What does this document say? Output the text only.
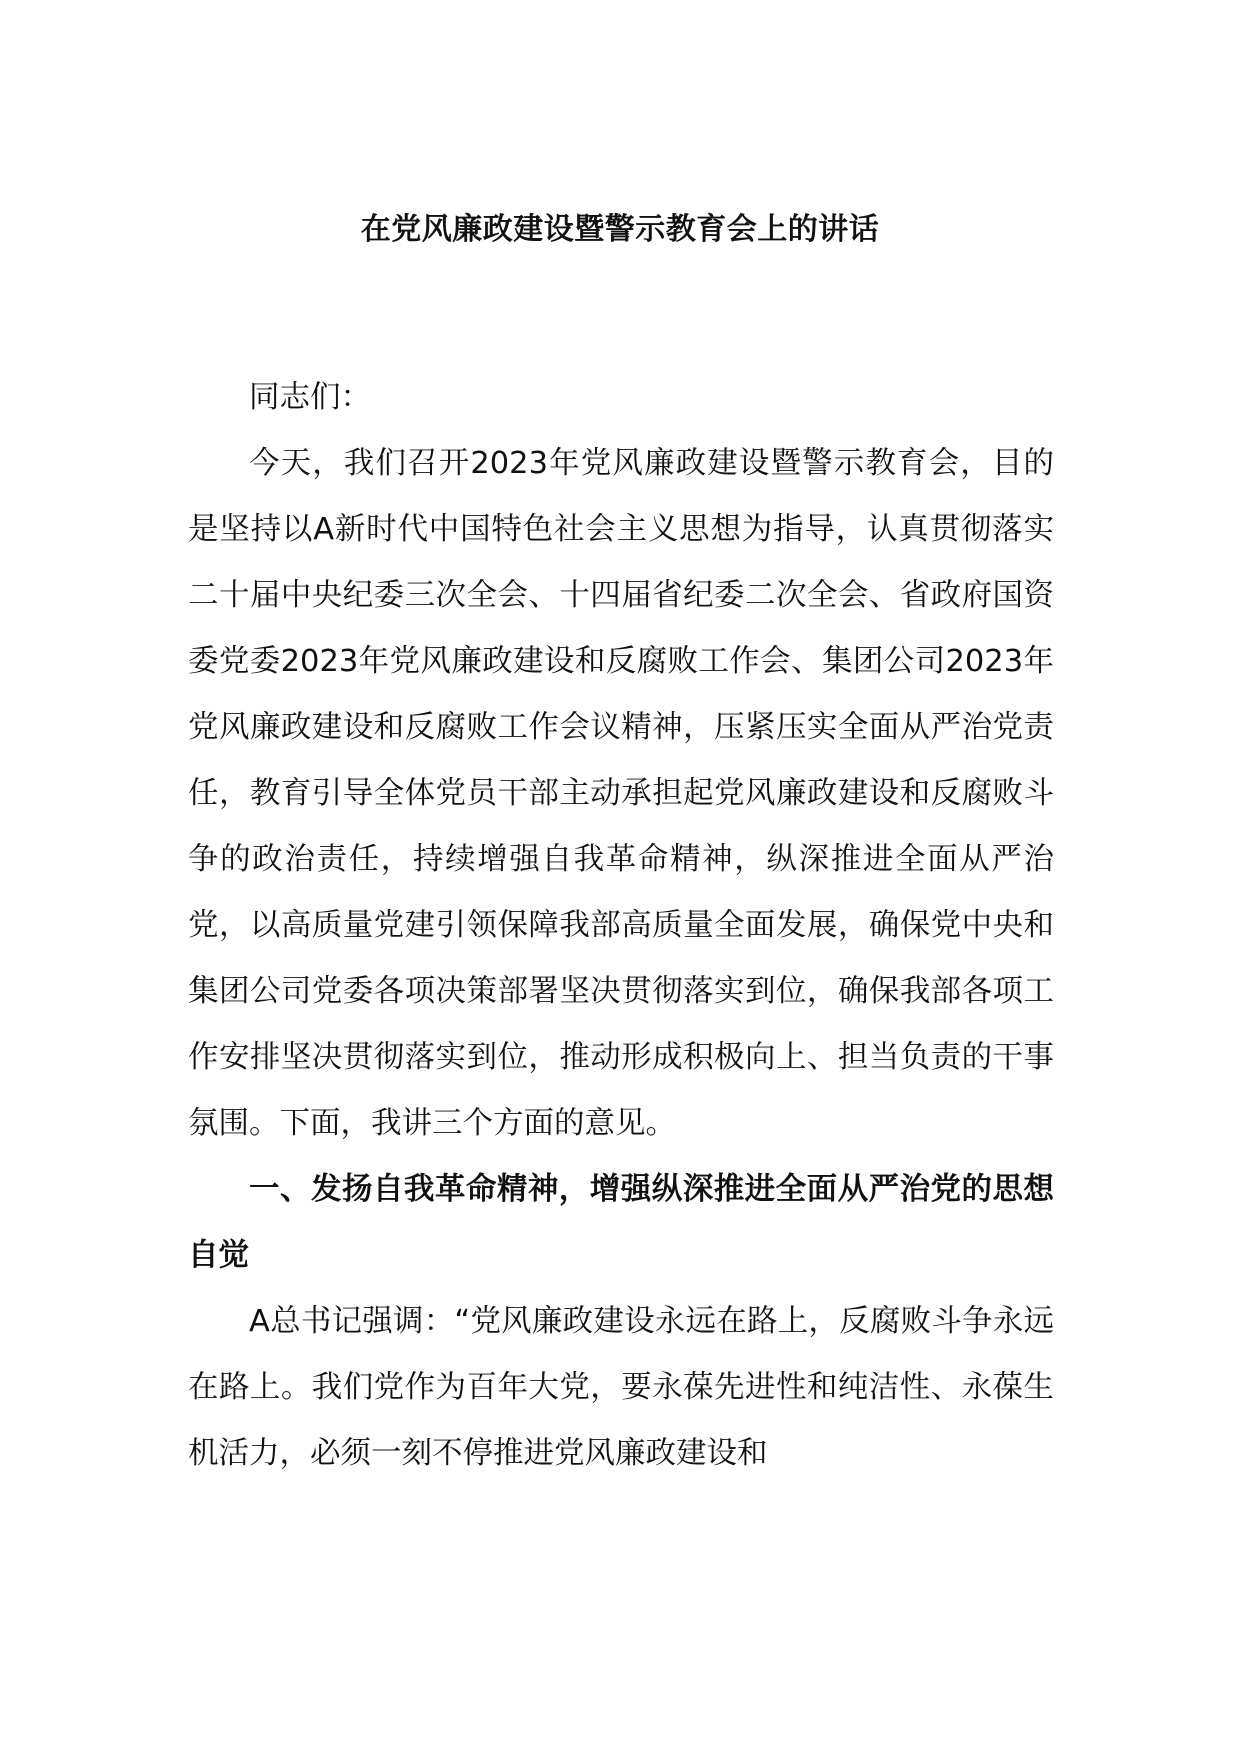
在党风廉政建设暨警示教育会上的讲话

同志们：

今天，我们召开2023年党风廉政建设暨警示教育会，目的是坚持以A新时代中国特色社会主义思想为指导，认真贯彻落实二十届中央纪委三次全会、十四届省纪委二次全会、省政府国资委党委2023年党风廉政建设和反腐败工作会、集团公司2023年党风廉政建设和反腐败工作会议精神，压紧压实全面从严治党责任，教育引导全体党员干部主动承担起党风廉政建设和反腐败斗争的政治责任，持续增强自我革命精神，纵深推进全面从严治党，以高质量党建引领保障我部高质量全面发展，确保党中央和集团公司党委各项决策部署坚决贯彻落实到位，确保我部各项工作安排坚决贯彻落实到位，推动形成积极向上、担当负责的干事氛围。下面，我讲三个方面的意见。

一、发扬自我革命精神，增强纵深推进全面从严治党的思想自觉

A总书记强调：“党风廉政建设永远在路上，反腐败斗争永远在路上。我们党作为百年大党，要永葆先进性和纯洁性、永葆生机活力，必须一刻不停推进党风廉政建设和
